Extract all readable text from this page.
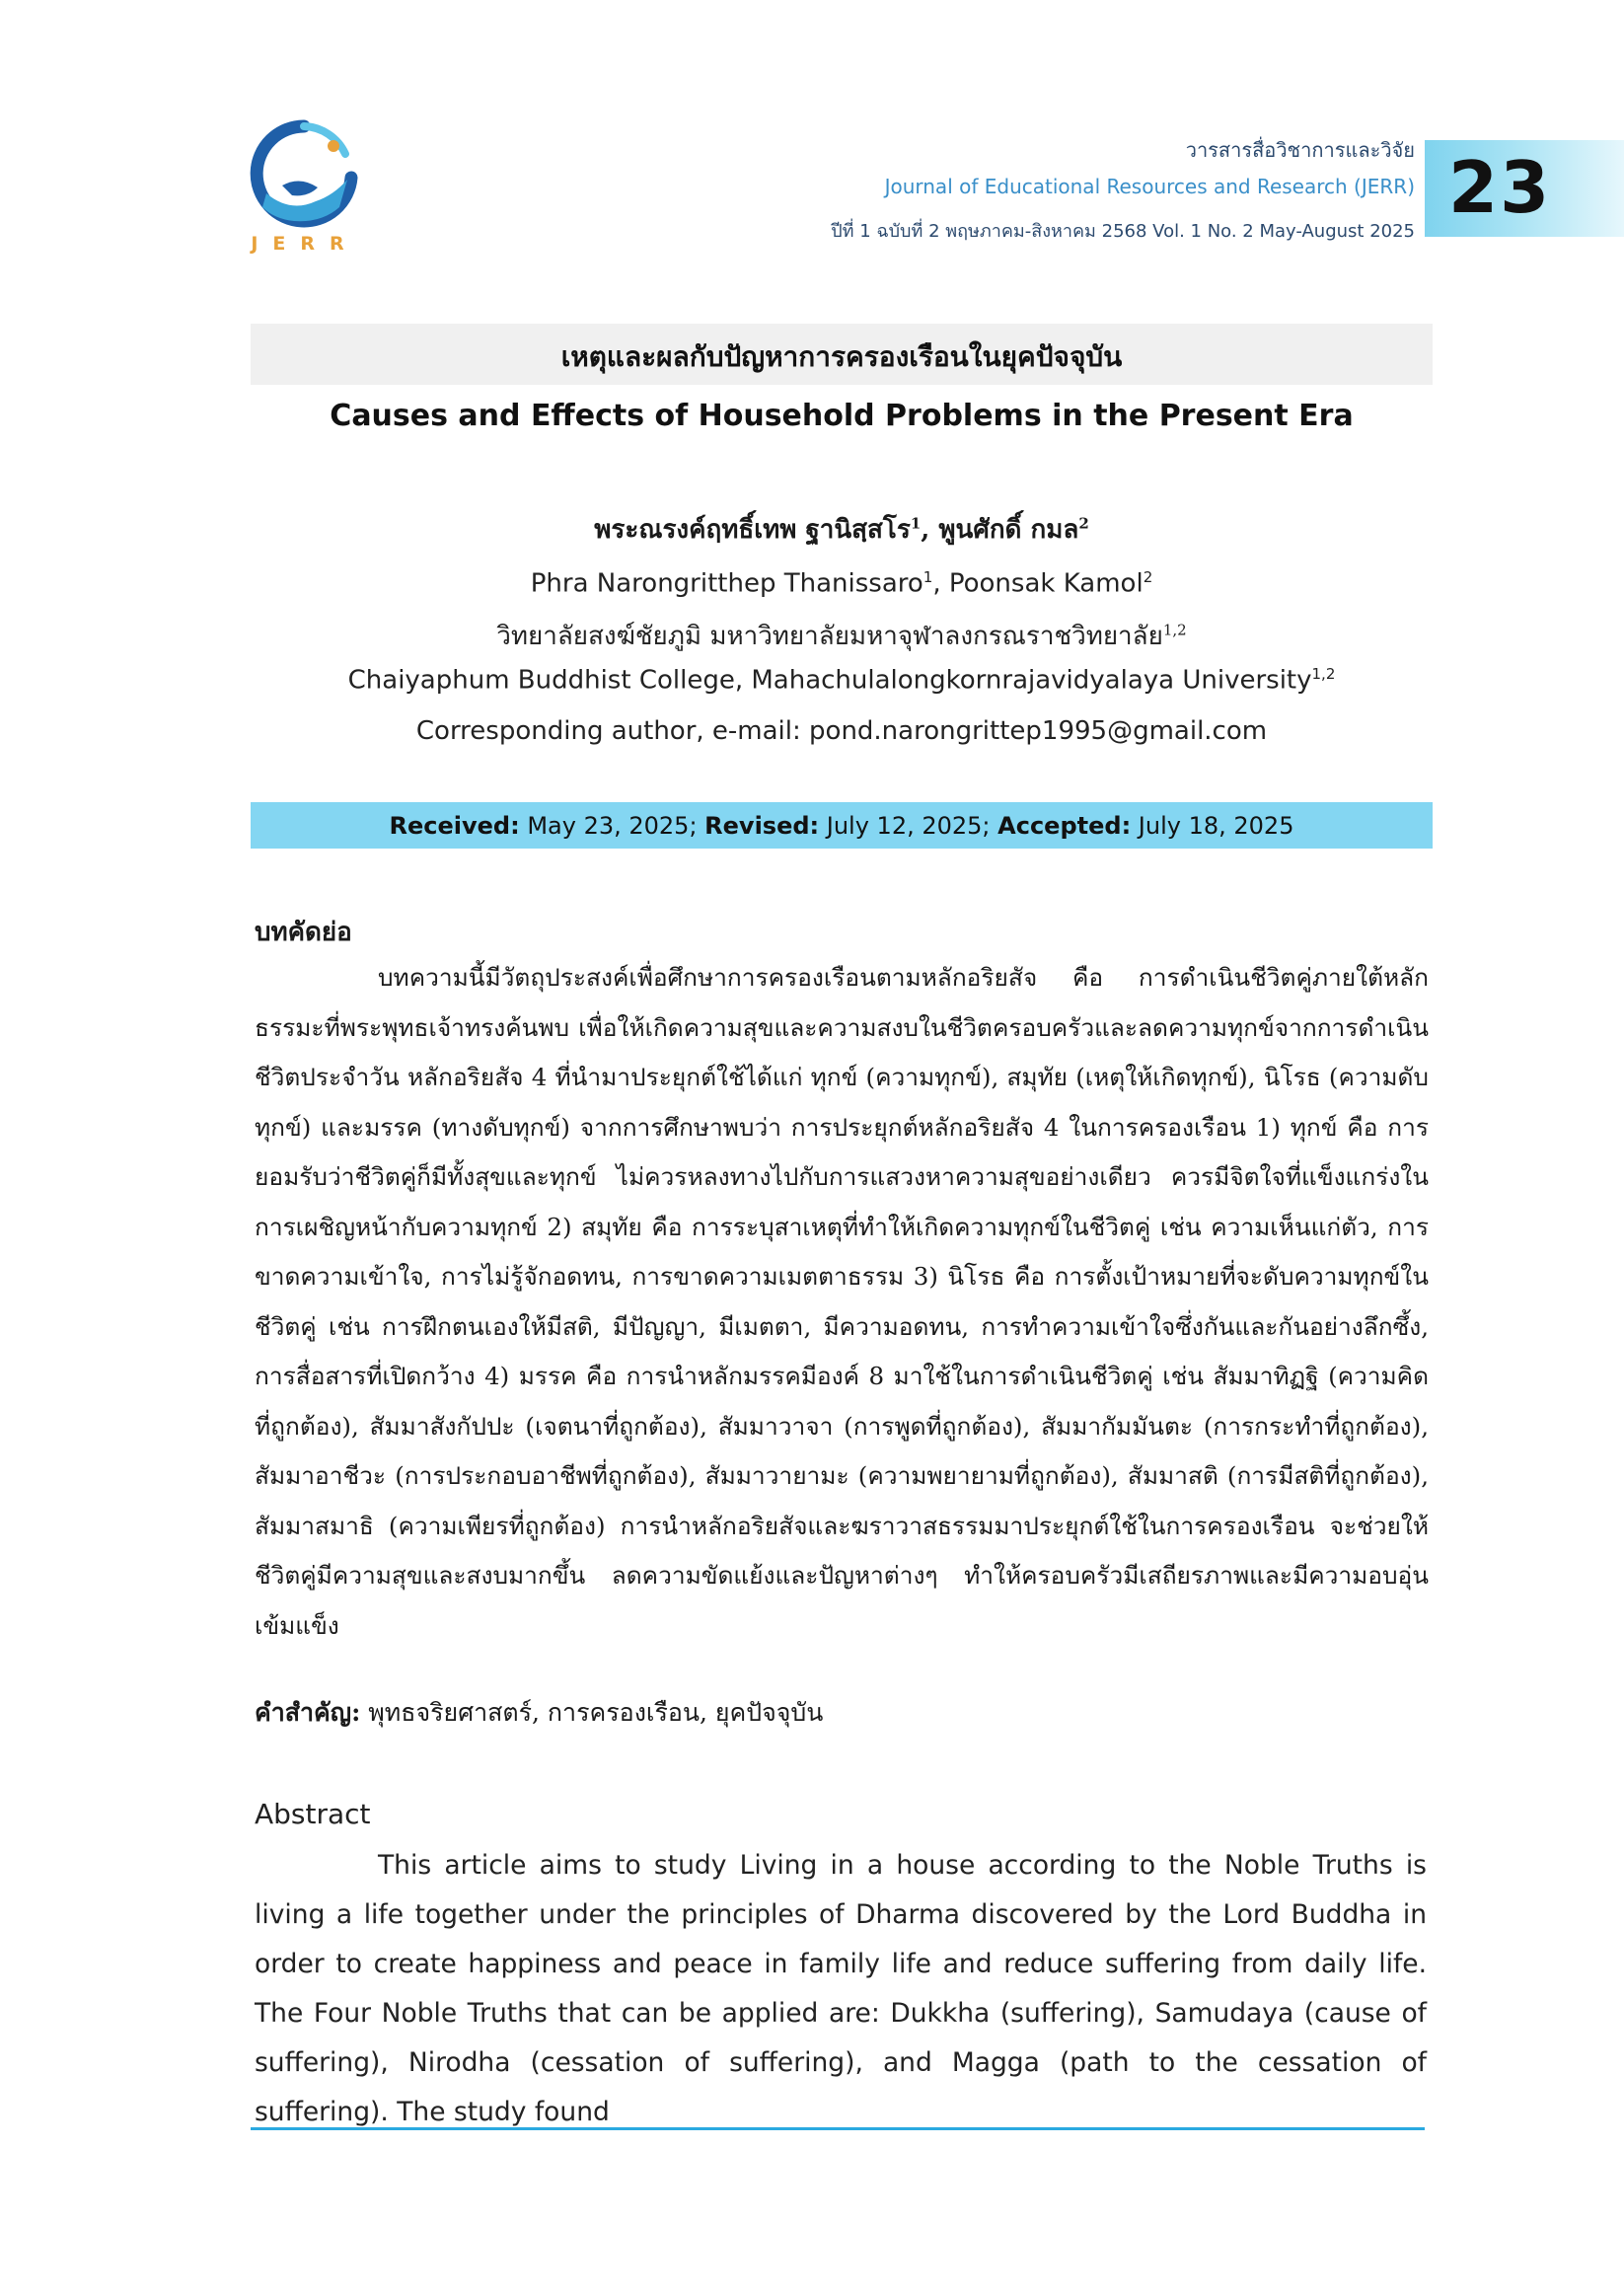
JERR
วารสารสื่อวิชาการและวิจัย
Journal of Educational Resources and Research (JERR)
ปีที่ 1 ฉบับที่ 2 พฤษภาคม-สิงหาคม 2568 Vol. 1 No. 2 May-August 2025
23
เหตุและผลกับปัญหาการครองเรือนในยุคปัจจุบัน
Causes and Effects of Household Problems in the Present Era
พระณรงค์ฤทธิ์เทพ ฐานิสฺสโร$^1$, พูนศักดิ์ กมล$^2$
Phra Narongritthep Thanissaro$^1$, Poonsak Kamol$^2$
วิทยาลัยสงฆ์ชัยภูมิ มหาวิทยาลัยมหาจุฬาลงกรณราชวิทยาลัย$^{1,2}$
Chaiyaphum Buddhist College, Mahachulalongkornrajavidyalaya University$^{1,2}$
Corresponding author, e-mail: pond.narongrittep1995@gmail.com
Received: May 23, 2025; Revised: July 12, 2025; Accepted: July 18, 2025
บทคัดย่อ
บทความนี้มีวัตถุประสงค์เพื่อศึกษาการครองเรือนตามหลักอริยสัจ คือ การดำเนินชีวิตคู่ภายใต้หลักธรรมะที่พระพุทธเจ้าทรงค้นพบ เพื่อให้เกิดความสุขและความสงบในชีวิตครอบครัวและลดความทุกข์จากการดำเนินชีวิตประจำวัน หลักอริยสัจ 4 ที่นำมาประยุกต์ใช้ได้แก่ ทุกข์ (ความทุกข์), สมุทัย (เหตุให้เกิดทุกข์), นิโรธ (ความดับทุกข์) และมรรค (ทางดับทุกข์) จากการศึกษาพบว่า การประยุกต์หลักอริยสัจ 4 ในการครองเรือน 1) ทุกข์ คือ การยอมรับว่าชีวิตคู่ก็มีทั้งสุขและทุกข์ ไม่ควรหลงทางไปกับการแสวงหาความสุขอย่างเดียว ควรมีจิตใจที่แข็งแกร่งในการเผชิญหน้ากับความทุกข์ 2) สมุทัย คือ การระบุสาเหตุที่ทำให้เกิดความทุกข์ในชีวิตคู่ เช่น ความเห็นแก่ตัว, การขาดความเข้าใจ, การไม่รู้จักอดทน, การขาดความเมตตาธรรม 3) นิโรธ คือ การตั้งเป้าหมายที่จะดับความทุกข์ในชีวิตคู่ เช่น การฝึกตนเองให้มีสติ, มีปัญญา, มีเมตตา, มีความอดทน, การทำความเข้าใจซึ่งกันและกันอย่างลึกซึ้ง, การสื่อสารที่เปิดกว้าง 4) มรรค คือ การนำหลักมรรคมีองค์ 8 มาใช้ในการดำเนินชีวิตคู่ เช่น สัมมาทิฏฐิ (ความคิดที่ถูกต้อง), สัมมาสังกัปปะ (เจตนาที่ถูกต้อง), สัมมาวาจา (การพูดที่ถูกต้อง), สัมมากัมมันตะ (การกระทำที่ถูกต้อง), สัมมาอาชีวะ (การประกอบอาชีพที่ถูกต้อง), สัมมาวายามะ (ความพยายามที่ถูกต้อง), สัมมาสติ (การมีสติที่ถูกต้อง), สัมมาสมาธิ (ความเพียรที่ถูกต้อง) การนำหลักอริยสัจและฆราวาสธรรมมาประยุกต์ใช้ในการครองเรือน จะช่วยให้ชีวิตคู่มีความสุขและสงบมากขึ้น ลดความขัดแย้งและปัญหาต่างๆ ทำให้ครอบครัวมีเสถียรภาพและมีความอบอุ่นเข้มแข็ง
คำสำคัญ: พุทธจริยศาสตร์, การครองเรือน, ยุคปัจจุบัน
Abstract
This article aims to study Living in a house according to the Noble Truths is living a life together under the principles of Dharma discovered by the Lord Buddha in order to create happiness and peace in family life and reduce suffering from daily life. The Four Noble Truths that can be applied are: Dukkha (suffering), Samudaya (cause of suffering), Nirodha (cessation of suffering), and Magga (path to the cessation of suffering). The study found
